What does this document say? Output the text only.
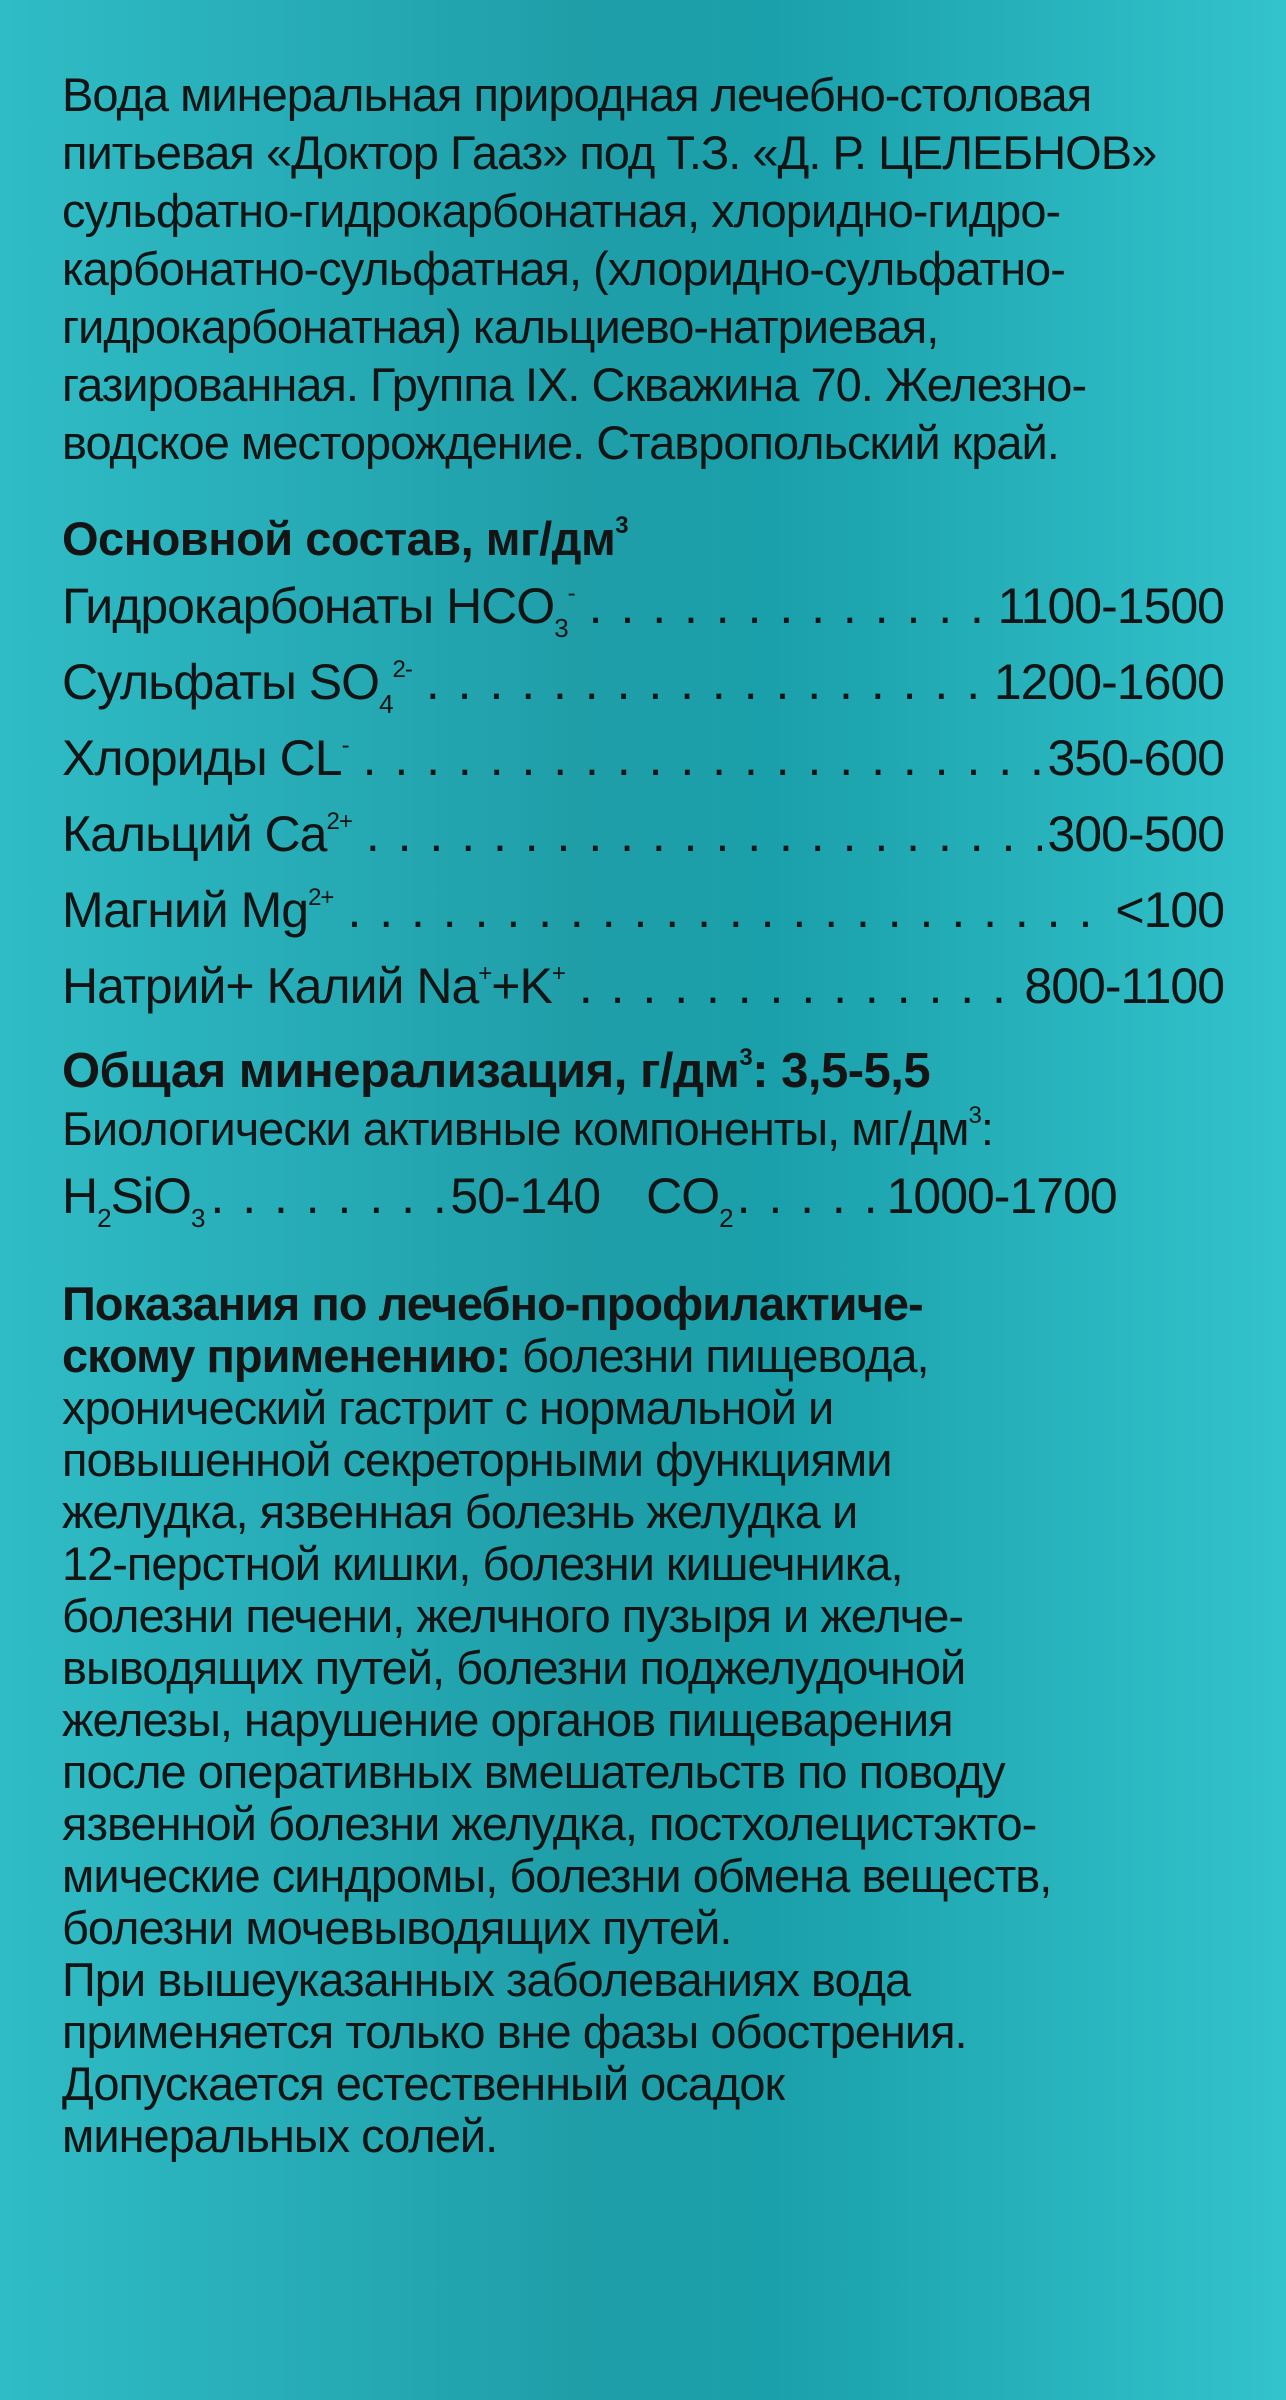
Вода минеральная природная лечебно-столовая

питьевая «Доктор Гааз» под Т.З. «Д. Р. ЦЕЛЕБНОВ»

сульфатно-гидрокарбонатная, хлоридно-гидро-

карбонатно-сульфатная, (хлоридно-сульфатно-

гидрокарбонатная) кальциево-натриевая,

газированная. Группа IX. Скважина 70. Железно-

водское месторождение. Ставропольский край.

Основной состав, $мг/дм^3$
Гидрокарбонаты $HCO_3^-$ . . .	1100-1500
Сульфаты $SO_4^{2-}$ . . .	1200-1600
Хлориды CL- . . .	350-600
Кальций $Ca^{2+}$ . . .	300-500
Магний $Mg^{2+}$ . . .	<100
Натрий+ Калий Na++K+ . . .	800-1100
Общая минерализация, $г/дм^3$: 3,5-5,5

Биологически активные компоненты, $мг/дм^3$:

$H_2SiO_3$ . . .	50-140 $CO_2$ . . .	1000-1700

Показания по лечебно-профилактиче-

скому применению: болезни пищевода,

хронический гастрит с нормальной и

повышенной секреторными функциями

желудка, язвенная болезнь желудка и

12-перстной кишки, болезни кишечника,

болезни печени, желчного пузыря и желче-

выводящих путей, болезни поджелудочной

железы, нарушение органов пищеварения

после оперативных вмешательств по поводу

язвенной болезни желудка, постхолецистэкто-

мические синдромы, болезни обмена веществ,

болезни мочевыводящих путей.

При вышеуказанных заболеваниях вода

применяется только вне фазы обострения.

Допускается естественный осадок

минеральных солей.
